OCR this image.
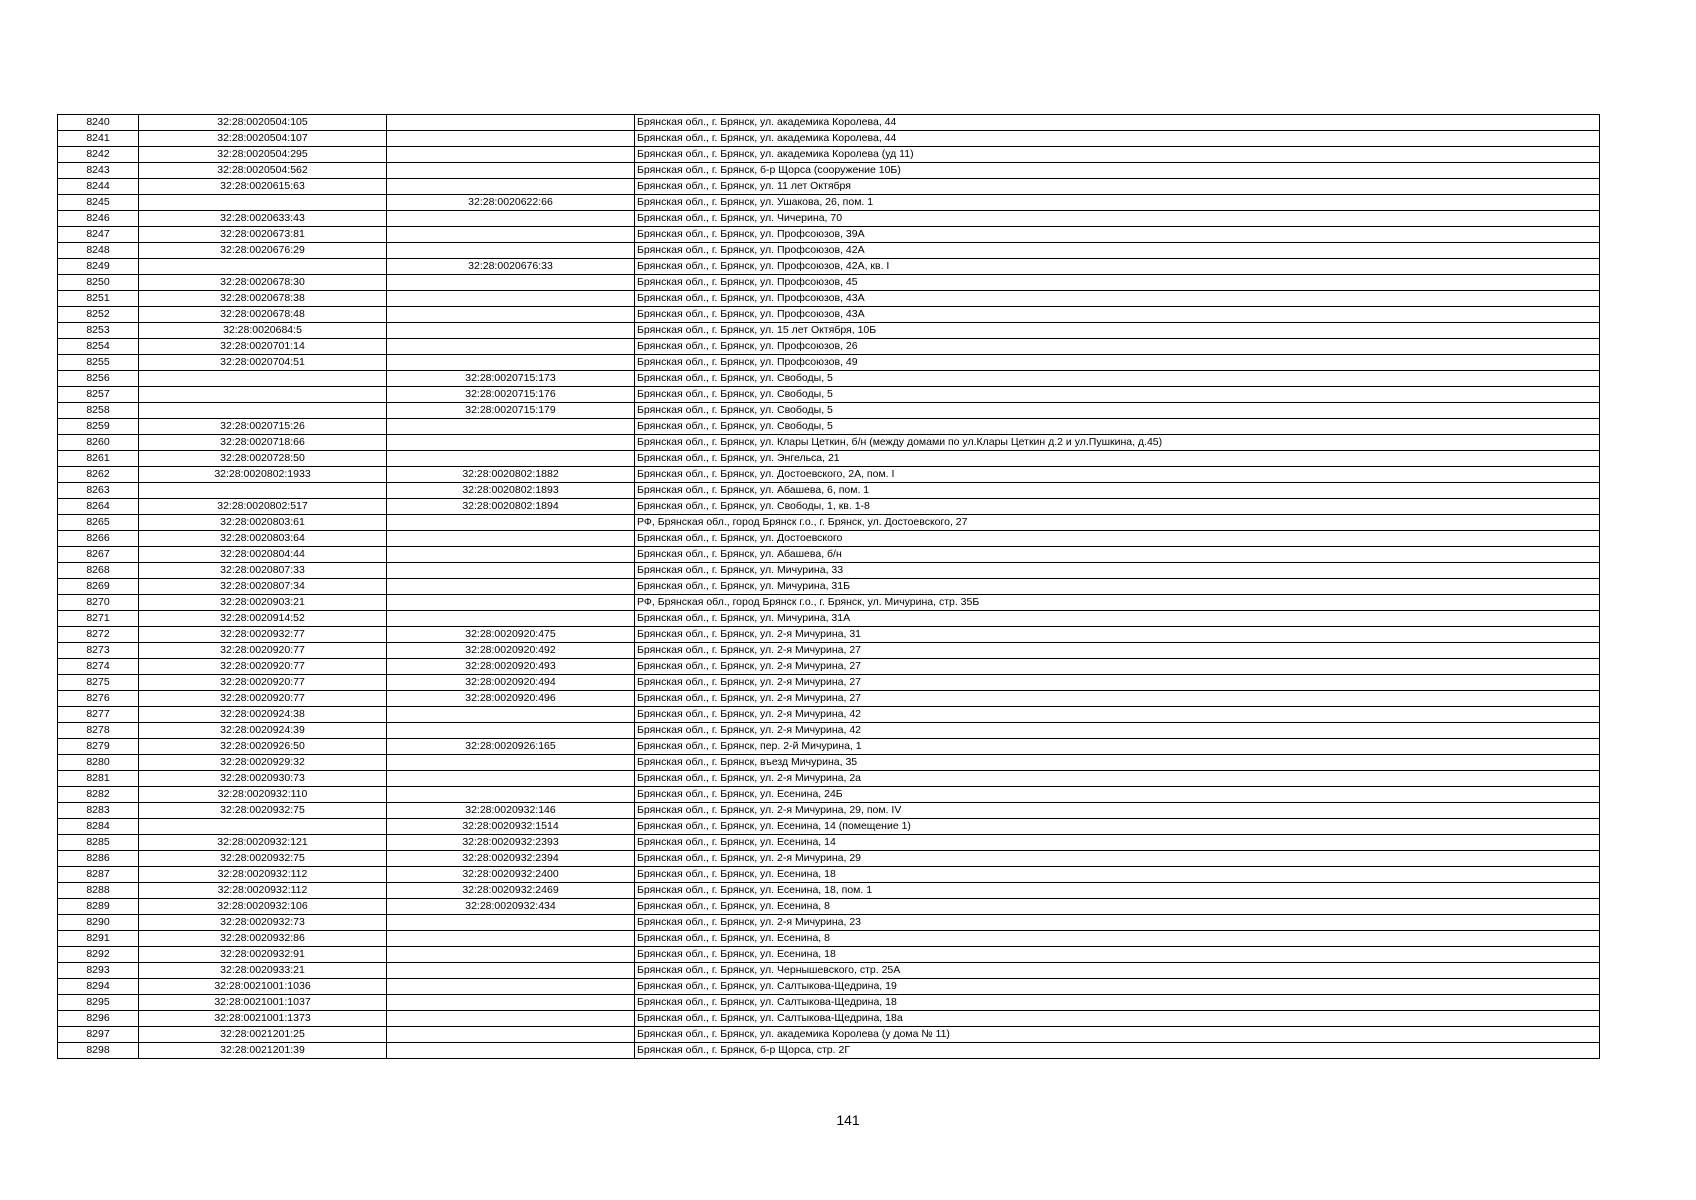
8240	32:28:0020504:105		Брянская обл., г. Брянск, ул. академика Королева, 44
8241	32:28:0020504:107		Брянская обл., г. Брянск, ул. академика Королева, 44
8242	32:28:0020504:295		Брянская обл., г. Брянск, ул. академика Королева (уд 11)
8243	32:28:0020504:562		Брянская обл., г. Брянск, б-р Щорса (сооружение 10Б)
8244	32:28:0020615:63		Брянская обл., г. Брянск, ул. 11 лет Октября
8245		32:28:0020622:66	Брянская обл., г. Брянск, ул. Ушакова, 26, пом. 1
8246	32:28:0020633:43		Брянская обл., г. Брянск, ул. Чичерина, 70
8247	32:28:0020673:81		Брянская обл., г. Брянск, ул. Профсоюзов, 39А
8248	32:28:0020676:29		Брянская обл., г. Брянск, ул. Профсоюзов, 42А
8249		32:28:0020676:33	Брянская обл., г. Брянск, ул. Профсоюзов, 42А, кв. I
8250	32:28:0020678:30		Брянская обл., г. Брянск, ул. Профсоюзов, 45
8251	32:28:0020678:38		Брянская обл., г. Брянск, ул. Профсоюзов, 43А
8252	32:28:0020678:48		Брянская обл., г. Брянск, ул. Профсоюзов, 43А
8253	32:28:0020684:5		Брянская обл., г. Брянск, ул. 15 лет Октября, 10Б
8254	32:28:0020701:14		Брянская обл., г. Брянск, ул. Профсоюзов, 26
8255	32:28:0020704:51		Брянская обл., г. Брянск, ул. Профсоюзов, 49
8256		32:28:0020715:173	Брянская обл., г. Брянск, ул. Свободы, 5
8257		32:28:0020715:176	Брянская обл., г. Брянск, ул. Свободы, 5
8258		32:28:0020715:179	Брянская обл., г. Брянск, ул. Свободы, 5
8259	32:28:0020715:26		Брянская обл., г. Брянск, ул. Свободы, 5
8260	32:28:0020718:66		Брянская обл., г. Брянск, ул. Клары Цеткин, б/н (между домами по ул.Клары Цеткин д.2 и ул.Пушкина, д.45)
8261	32:28:0020728:50		Брянская обл., г. Брянск, ул. Энгельса, 21
8262	32:28:0020802:1933	32:28:0020802:1882	Брянская обл., г. Брянск, ул. Достоевского, 2А, пом. I
8263		32:28:0020802:1893	Брянская обл., г. Брянск, ул. Абашева, 6, пом. 1
8264	32:28:0020802:517	32:28:0020802:1894	Брянская обл., г. Брянск, ул. Свободы, 1, кв. 1-8
8265	32:28:0020803:61		РФ, Брянская обл., город Брянск г.о., г. Брянск, ул. Достоевского, 27
8266	32:28:0020803:64		Брянская обл., г. Брянск, ул. Достоевского
8267	32:28:0020804:44		Брянская обл., г. Брянск, ул. Абашева, б/н
8268	32:28:0020807:33		Брянская обл., г. Брянск, ул. Мичурина, 33
8269	32:28:0020807:34		Брянская обл., г. Брянск, ул. Мичурина, 31Б
8270	32:28:0020903:21		РФ, Брянская обл., город Брянск г.о., г. Брянск, ул. Мичурина, стр. 35Б
8271	32:28:0020914:52		Брянская обл., г. Брянск, ул. Мичурина, 31А
8272	32:28:0020932:77	32:28:0020920:475	Брянская обл., г. Брянск, ул. 2-я Мичурина, 31
8273	32:28:0020920:77	32:28:0020920:492	Брянская обл., г. Брянск, ул. 2-я Мичурина, 27
8274	32:28:0020920:77	32:28:0020920:493	Брянская обл., г. Брянск, ул. 2-я Мичурина, 27
8275	32:28:0020920:77	32:28:0020920:494	Брянская обл., г. Брянск, ул. 2-я Мичурина, 27
8276	32:28:0020920:77	32:28:0020920:496	Брянская обл., г. Брянск, ул. 2-я Мичурина, 27
8277	32:28:0020924:38		Брянская обл., г. Брянск, ул. 2-я Мичурина, 42
8278	32:28:0020924:39		Брянская обл., г. Брянск, ул. 2-я Мичурина, 42
8279	32:28:0020926:50	32:28:0020926:165	Брянская обл., г. Брянск, пер. 2-й Мичурина, 1
8280	32:28:0020929:32		Брянская обл., г. Брянск, въезд Мичурина, 35
8281	32:28:0020930:73		Брянская обл., г. Брянск, ул. 2-я Мичурина, 2а
8282	32:28:0020932:110		Брянская обл., г. Брянск, ул. Есенина, 24Б
8283	32:28:0020932:75	32:28:0020932:146	Брянская обл., г. Брянск, ул. 2-я Мичурина, 29, пом. IV
8284		32:28:0020932:1514	Брянская обл., г. Брянск, ул. Есенина, 14 (помещение 1)
8285	32:28:0020932:121	32:28:0020932:2393	Брянская обл., г. Брянск, ул. Есенина, 14
8286	32:28:0020932:75	32:28:0020932:2394	Брянская обл., г. Брянск, ул. 2-я Мичурина, 29
8287	32:28:0020932:112	32:28:0020932:2400	Брянская обл., г. Брянск, ул. Есенина, 18
8288	32:28:0020932:112	32:28:0020932:2469	Брянская обл., г. Брянск, ул. Есенина, 18, пом. 1
8289	32:28:0020932:106	32:28:0020932:434	Брянская обл., г. Брянск, ул. Есенина, 8
8290	32:28:0020932:73		Брянская обл., г. Брянск, ул. 2-я Мичурина, 23
8291	32:28:0020932:86		Брянская обл., г. Брянск, ул. Есенина, 8
8292	32:28:0020932:91		Брянская обл., г. Брянск, ул. Есенина, 18
8293	32:28:0020933:21		Брянская обл., г. Брянск, ул. Чернышевского, стр. 25А
8294	32:28:0021001:1036		Брянская обл., г. Брянск, ул. Салтыкова-Щедрина, 19
8295	32:28:0021001:1037		Брянская обл., г. Брянск, ул. Салтыкова-Щедрина, 18
8296	32:28:0021001:1373		Брянская обл., г. Брянск, ул. Салтыкова-Щедрина, 18а
8297	32:28:0021201:25		Брянская обл., г. Брянск, ул. академика Королева (у дома № 11)
8298	32:28:0021201:39		Брянская обл., г. Брянск, б-р Щорса, стр. 2Г
141
